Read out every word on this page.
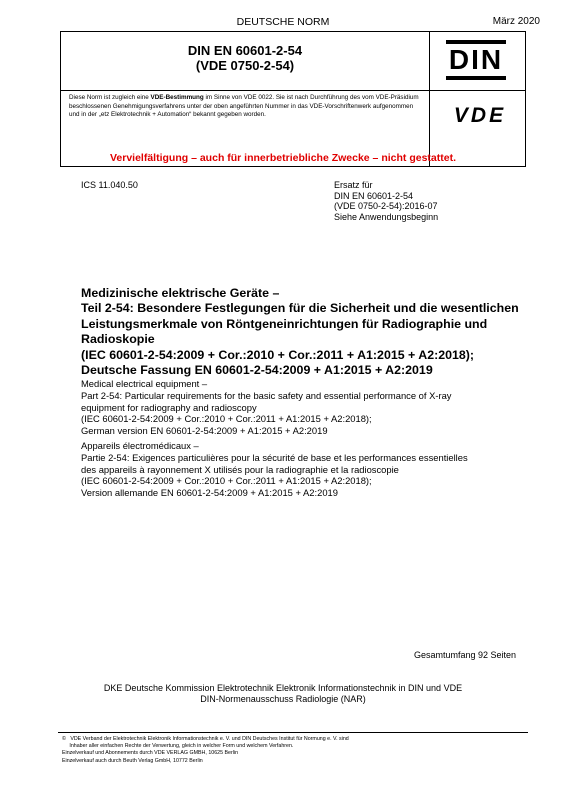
DEUTSCHE NORM	März 2020
DIN EN 60601-2-54
(VDE 0750-2-54)	DIN
Diese Norm ist zugleich eine VDE-Bestimmung im Sinne von VDE 0022. Sie ist nach Durchführung des vom VDE-Präsidium beschlossenen Genehmigungsverfahrens unter der oben angeführten Nummer in das VDE-Vorschriftenwerk aufgenommen und in der „etz Elektrotechnik + Automation“ bekannt gegeben worden.	VDE
Vervielfältigung – auch für innerbetriebliche Zwecke – nicht gestattet.
ICS 11.040.50	Ersatz für
DIN EN 60601-2-54
(VDE 0750-2-54):2016-07
Siehe Anwendungsbeginn
Medizinische elektrische Geräte –
Teil 2-54: Besondere Festlegungen für die Sicherheit und die wesentlichen
Leistungsmerkmale von Röntgeneinrichtungen für Radiographie und
Radioskopie
(IEC 60601-2-54:2009 + Cor.:2010 + Cor.:2011 + A1:2015 + A2:2018);
Deutsche Fassung EN 60601-2-54:2009 + A1:2015 + A2:2019
Medical electrical equipment –
Part 2-54: Particular requirements for the basic safety and essential performance of X-ray
equipment for radiography and radioscopy
(IEC 60601-2-54:2009 + Cor.:2010 + Cor.:2011 + A1:2015 + A2:2018);
German version EN 60601-2-54:2009 + A1:2015 + A2:2019
Appareils électromédicaux –
Partie 2-54: Exigences particulières pour la sécurité de base et les performances essentielles
des appareils à rayonnement X utilisés pour la radiographie et la radioscopie
(IEC 60601-2-54:2009 + Cor.:2010 + Cor.:2011 + A1:2015 + A2:2018);
Version allemande EN 60601-2-54:2009 + A1:2015 + A2:2019
Gesamtumfang 92 Seiten
DKE Deutsche Kommission Elektrotechnik Elektronik Informationstechnik in DIN und VDE
DIN-Normenausschuss Radiologie (NAR)
©   VDE Verband der Elektrotechnik Elektronik Informationstechnik e. V. und DIN Deutsches Institut für Normung e. V. sind
Inhaber aller einfachen Rechte der Verwertung, gleich in welcher Form und welchem Verfahren.
Einzelverkauf und Abonnements durch VDE VERLAG GMBH, 10625 Berlin
Einzelverkauf auch durch Beuth Verlag GmbH, 10772 Berlin
